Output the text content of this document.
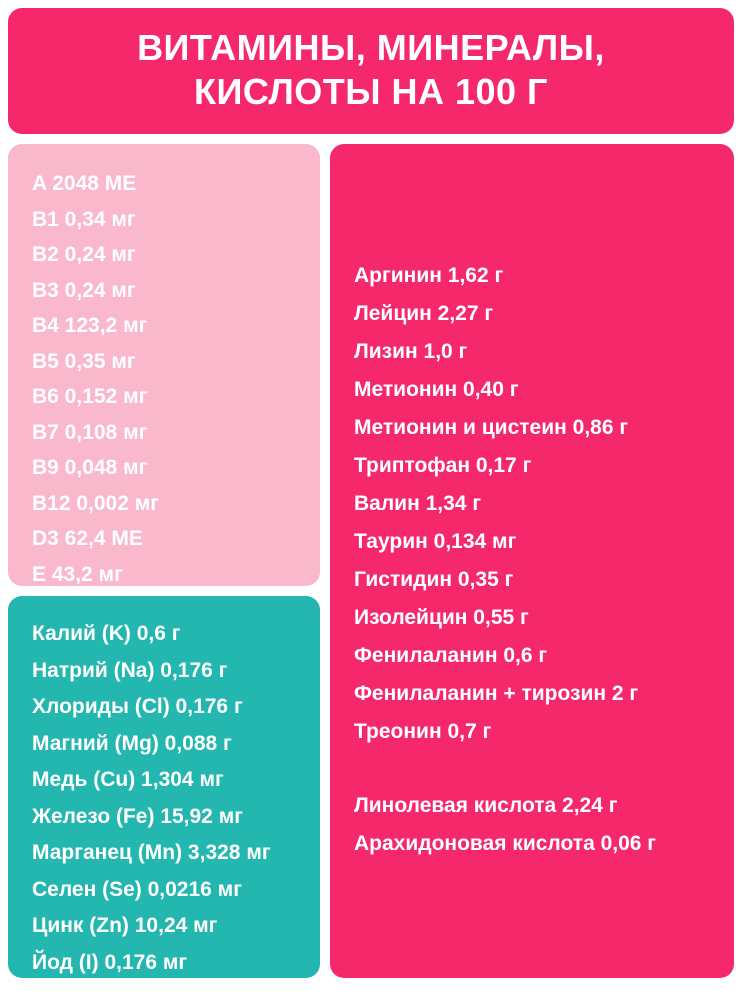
ВИТАМИНЫ, МИНЕРАЛЫ,
КИСЛОТЫ НА 100 Г
A 2048 МЕ
B1 0,34 мг
B2 0,24 мг
B3 0,24 мг
B4 123,2 мг
B5 0,35 мг
B6 0,152 мг
B7 0,108 мг
B9 0,048 мг
B12 0,002 мг
D3 62,4 МЕ
E 43,2 мг
Калий (K) 0,6 г
Натрий (Na) 0,176 г
Хлориды (Cl) 0,176 г
Магний (Mg) 0,088 г
Медь (Cu) 1,304 мг
Железо (Fe) 15,92 мг
Марганец (Mn) 3,328 мг
Селен (Se) 0,0216 мг
Цинк (Zn) 10,24 мг
Йод (I) 0,176 мг
Аргинин 1,62 г
Лейцин 2,27 г
Лизин 1,0 г
Метионин 0,40 г
Метионин и цистеин 0,86 г
Триптофан 0,17 г
Валин 1,34 г
Таурин 0,134 мг
Гистидин 0,35 г
Изолейцин 0,55 г
Фенилаланин 0,6 г
Фенилаланин + тирозин 2 г
Треонин 0,7 г
Линолевая кислота 2,24 г
Арахидоновая кислота 0,06 г
